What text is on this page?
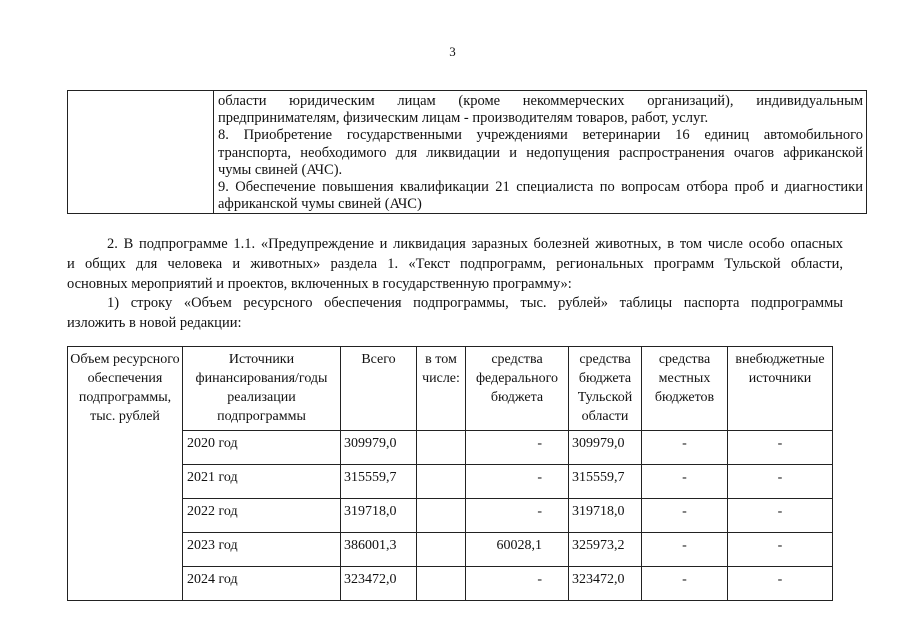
3

области юридическим лицам (кроме некоммерческих организаций), индивидуальным

предпринимателям, физическим лицам - производителям товаров, работ, услуг.

8. Приобретение государственными учреждениями ветеринарии 16 единиц автомобильного

транспорта, необходимого для ликвидации и недопущения распространения очагов африканской

чумы свиней (АЧС).

9. Обеспечение повышения квалификации 21 специалиста по вопросам отбора проб и диагностики

африканской чумы свиней (АЧС)

2. В подпрограмме 1.1. «Предупреждение и ликвидация заразных болезней животных, в том числе особо опасных

и общих для человека и животных» раздела 1. «Текст подпрограмм, региональных программ Тульской области,

основных мероприятий и проектов, включенных в государственную программу»:

1) строку «Объем ресурсного обеспечения подпрограммы, тыс. рублей» таблицы паспорта подпрограммы

изложить в новой редакции:

Объем ресурсного обеспечения подпрограммы, тыс. рублей	Источники финансирования/годы реализации подпрограммы	Всего	в том числе:	средства федерального бюджета	средства бюджета Тульской области	средства местных бюджетов	внебюджетные источники
	2020 год	309979,0		-	309979,0	-	-
	2021 год	315559,7		-	315559,7	-	-
	2022 год	319718,0		-	319718,0	-	-
	2023 год	386001,3		60028,1	325973,2	-	-
	2024 год	323472,0		-	323472,0	-	-
